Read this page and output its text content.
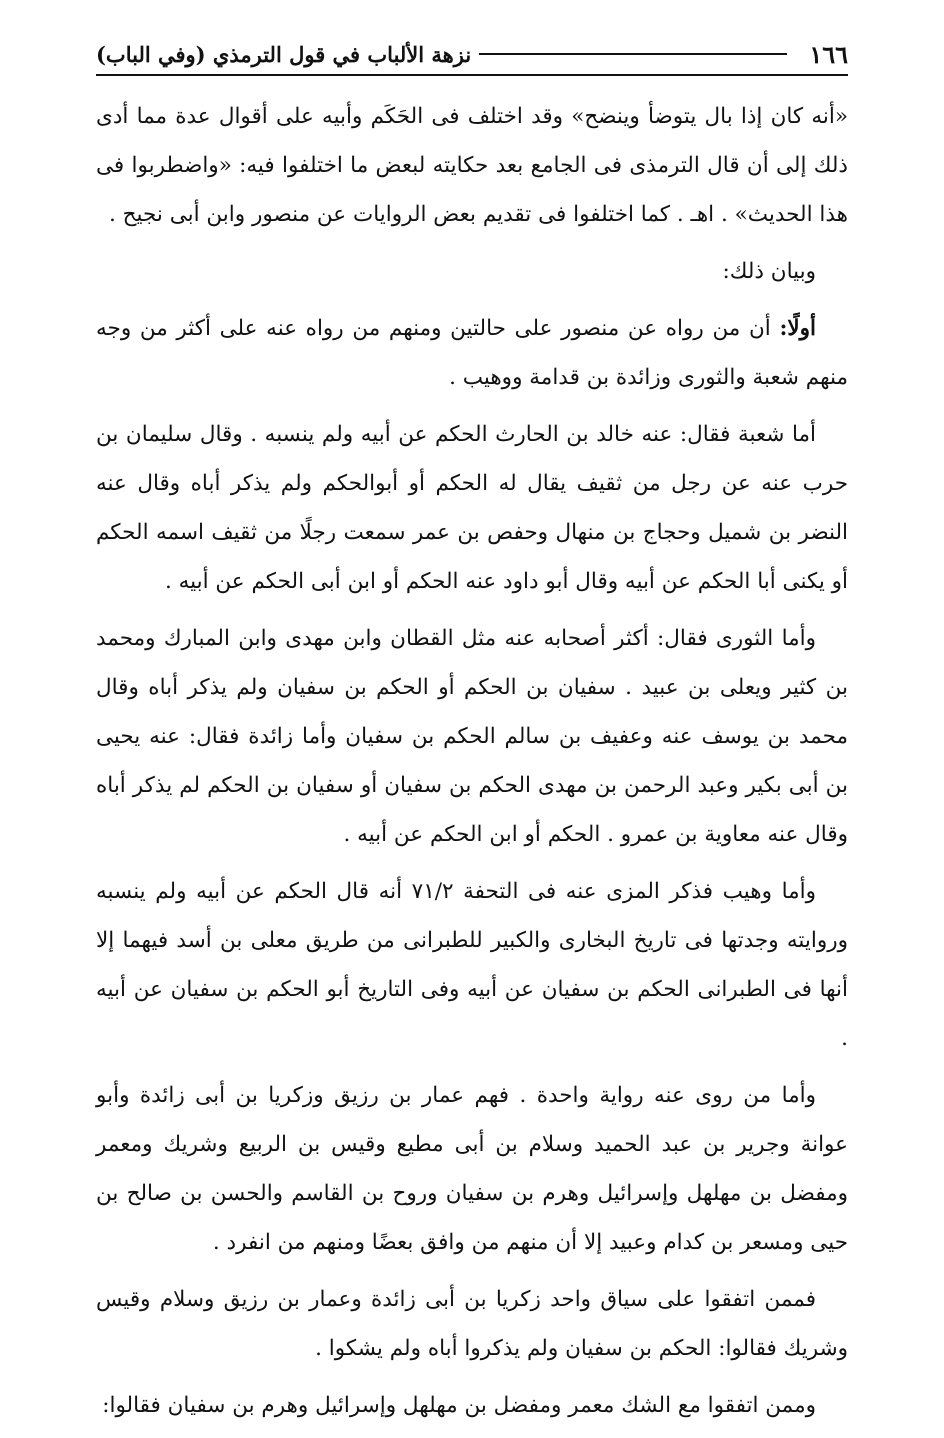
١٦٦
نزهة الألباب في قول الترمذي (وفي الباب)

«أنه كان إذا بال يتوضأ وينضح» وقد اختلف فى الحَكَم وأبيه على أقوال عدة مما أدى ذلك إلى أن قال الترمذى فى الجامع بعد حكايته لبعض ما اختلفوا فيه: «واضطربوا فى هذا الحديث» . اهـ . كما اختلفوا فى تقديم بعض الروايات عن منصور وابن أبى نجيح .

وبيان ذلك:

أولًا: أن من رواه عن منصور على حالتين ومنهم من رواه عنه على أكثر من وجه منهم شعبة والثورى وزائدة بن قدامة ووهيب .

أما شعبة فقال: عنه خالد بن الحارث الحكم عن أبيه ولم ينسبه . وقال سليمان بن حرب عنه عن رجل من ثقيف يقال له الحكم أو أبوالحكم ولم يذكر أباه وقال عنه النضر بن شميل وحجاج بن منهال وحفص بن عمر سمعت رجلًا من ثقيف اسمه الحكم أو يكنى أبا الحكم عن أبيه وقال أبو داود عنه الحكم أو ابن أبى الحكم عن أبيه .

وأما الثورى فقال: أكثر أصحابه عنه مثل القطان وابن مهدى وابن المبارك ومحمد بن كثير ويعلى بن عبيد . سفيان بن الحكم أو الحكم بن سفيان ولم يذكر أباه وقال محمد بن يوسف عنه وعفيف بن سالم الحكم بن سفيان وأما زائدة فقال: عنه يحيى بن أبى بكير وعبد الرحمن بن مهدى الحكم بن سفيان أو سفيان بن الحكم لم يذكر أباه وقال عنه معاوية بن عمرو . الحكم أو ابن الحكم عن أبيه .

وأما وهيب فذكر المزى عنه فى التحفة ٧١/٢ أنه قال الحكم عن أبيه ولم ينسبه وروايته وجدتها فى تاريخ البخارى والكبير للطبرانى من طريق معلى بن أسد فيهما إلا أنها فى الطبرانى الحكم بن سفيان عن أبيه وفى التاريخ أبو الحكم بن سفيان عن أبيه .

وأما من روى عنه رواية واحدة . فهم عمار بن رزيق وزكريا بن أبى زائدة وأبو عوانة وجرير بن عبد الحميد وسلام بن أبى مطيع وقيس بن الربيع وشريك ومعمر ومفضل بن مهلهل وإسرائيل وهرم بن سفيان وروح بن القاسم والحسن بن صالح بن حيى ومسعر بن كدام وعبيد إلا أن منهم من وافق بعضًا ومنهم من انفرد .

فممن اتفقوا على سياق واحد زكريا بن أبى زائدة وعمار بن رزيق وسلام وقيس وشريك فقالوا: الحكم بن سفيان ولم يذكروا أباه ولم يشكوا .

وممن اتفقوا مع الشك معمر ومفضل بن مهلهل وإسرائيل وهرم بن سفيان فقالوا:
